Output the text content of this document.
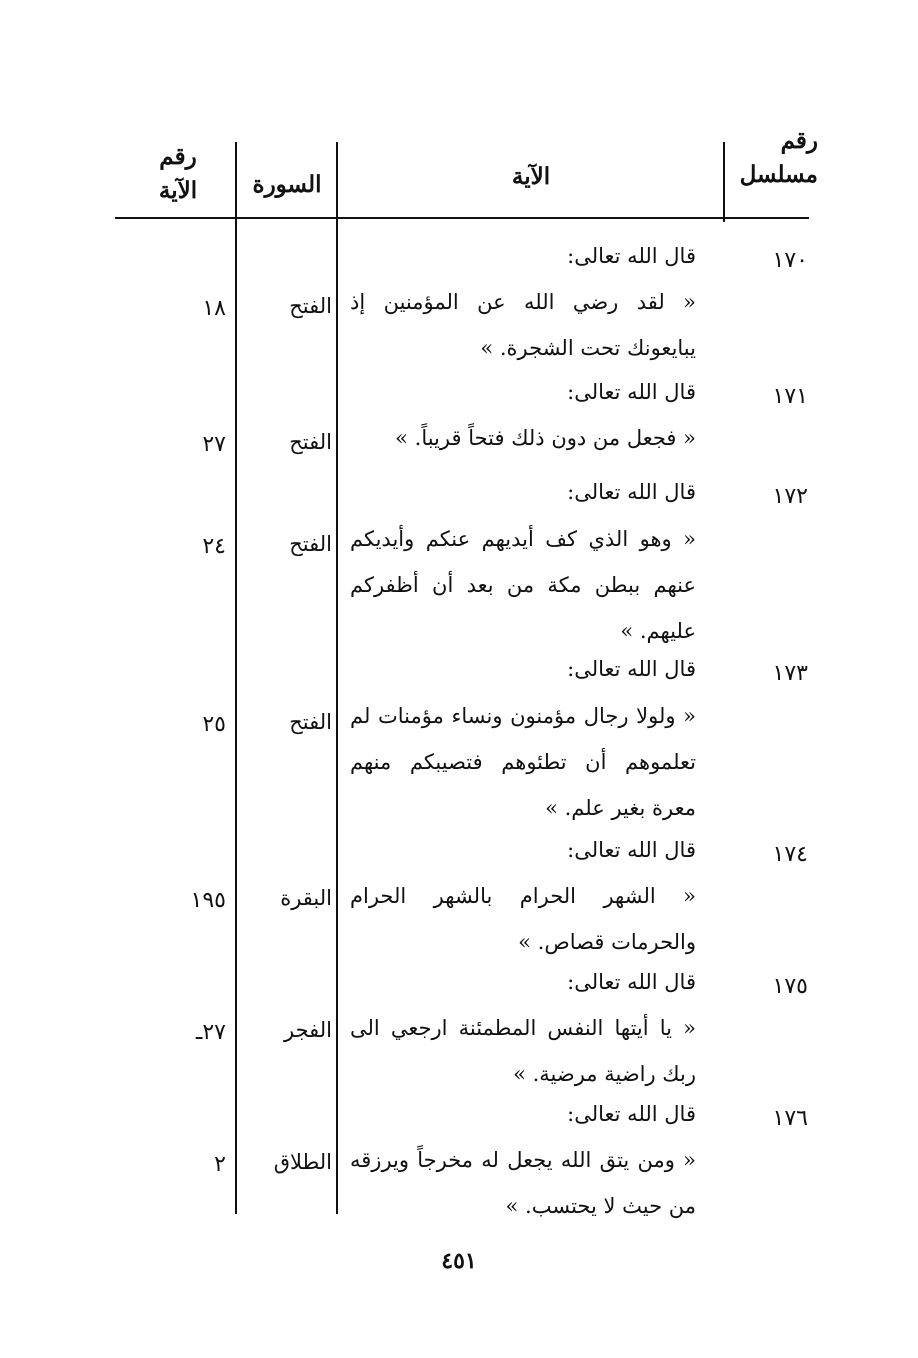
رقم
مسلسل
الآية
السورة
رقم
الآية
١٧٠
قال الله تعالى:
« لقد رضي الله عن المؤمنين إذ يبايعونك تحت الشجرة. »
الفتح
١٨
١٧١
قال الله تعالى:
« فجعل من دون ذلك فتحاً قريباً. »
الفتح
٢٧
١٧٢
قال الله تعالى:
« وهو الذي كف أيديهم عنكم وأيديكم عنهم ببطن مكة من بعد أن أظفركم عليهم. »
الفتح
٢٤
١٧٣
قال الله تعالى:
« ولولا رجال مؤمنون ونساء مؤمنات لم تعلموهم أن تطئوهم فتصيبكم منهم معرة بغير علم. »
الفتح
٢٥
١٧٤
قال الله تعالى:
« الشهر الحرام بالشهر الحرام والحرمات قصاص. »
البقرة
١٩٥
١٧٥
قال الله تعالى:
« يا أيتها النفس المطمئنة ارجعي الى ربك راضية مرضية. »
الفجر
٢٧ـ
١٧٦
قال الله تعالى:
« ومن يتق الله يجعل له مخرجاً ويرزقه من حيث لا يحتسب. »
الطلاق
٢
٤٥١
